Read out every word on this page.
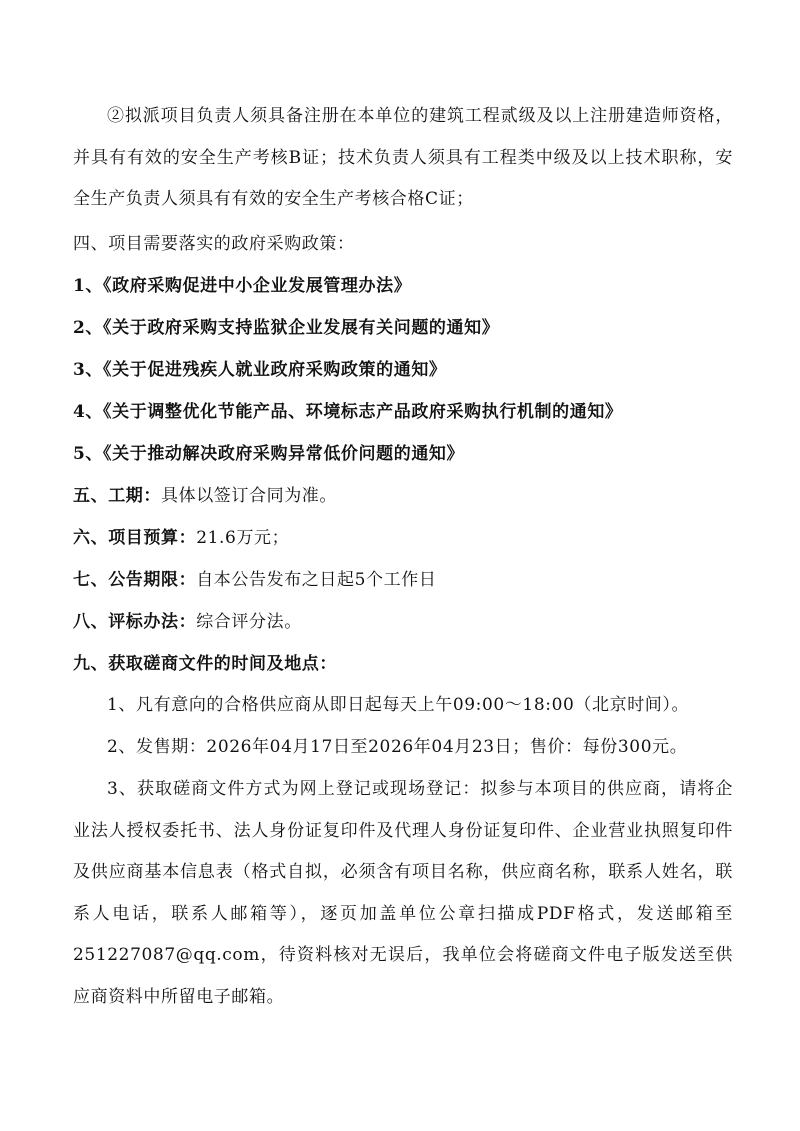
②拟派项目负责人须具备注册在本单位的建筑工程贰级及以上注册建造师资格，并具有有效的安全生产考核B证；技术负责人须具有工程类中级及以上技术职称，安全生产负责人须具有有效的安全生产考核合格C证；

四、项目需要落实的政府采购政策：

1、《政府采购促进中小企业发展管理办法》

2、《关于政府采购支持监狱企业发展有关问题的通知》

3、《关于促进残疾人就业政府采购政策的通知》

4、《关于调整优化节能产品、环境标志产品政府采购执行机制的通知》

5、《关于推动解决政府采购异常低价问题的通知》

五、工期：具体以签订合同为准。

六、项目预算：21.6万元；

七、公告期限：自本公告发布之日起5个工作日

八、评标办法：综合评分法。

九、获取磋商文件的时间及地点：

1、凡有意向的合格供应商从即日起每天上午09:00～18:00（北京时间）。

2、发售期：2026年04月17日至2026年04月23日；售价：每份300元。

3、获取磋商文件方式为网上登记或现场登记：拟参与本项目的供应商，请将企业法人授权委托书、法人身份证复印件及代理人身份证复印件、企业营业执照复印件及供应商基本信息表（格式自拟，必须含有项目名称，供应商名称，联系人姓名，联系人电话，联系人邮箱等），逐页加盖单位公章扫描成PDF格式，发送邮箱至251227087@qq.com，待资料核对无误后，我单位会将磋商文件电子版发送至供应商资料中所留电子邮箱。
